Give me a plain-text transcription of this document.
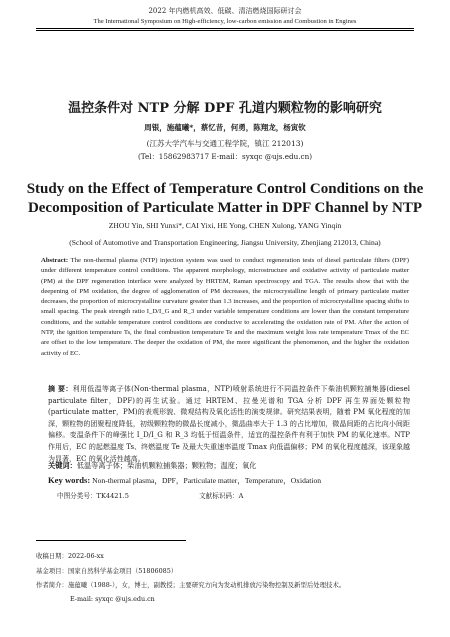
2022 年内燃机高效、低碳、清洁燃烧国际研讨会
The International Symposium on High-efficiency, low-carbon emission and Combustion in Engines
温控条件对 NTP 分解 DPF 孔道内颗粒物的影响研究
周银，施蕴曦*，蔡忆昔，何勇，陈翔龙，杨寅钦
(江苏大学汽车与交通工程学院，镇江 212013)
(Tel：15862983717 E-mail：syxqc @ujs.edu.cn)
Study on the Effect of Temperature Control Conditions on the Decomposition of Particulate Matter in DPF Channel by NTP
ZHOU Yin, SHI Yunxi*, CAI Yixi, HE Yong, CHEN Xulong, YANG Yinqin
(School of Automotive and Transportation Engineering, Jiangsu University, Zhenjiang 212013, China)
Abstract: The non-thermal plasma (NTP) injection system was used to conduct regeneration tests of diesel particulate filters (DPF) under different temperature control conditions. The apparent morphology, microstructure and oxidative activity of particulate matter (PM) at the DPF regeneration interface were analyzed by HRTEM, Raman spectroscopy and TGA. The results show that with the deepening of PM oxidation, the degree of agglomeration of PM decreases, the microcrystalline length of primary particulate matter decreases, the proportion of microcrystalline curvature greater than 1.3 increases, and the proportion of microcrystalline spacing shifts to small spacing. The peak strength ratio I_D/I_G and R_3 under variable temperature conditions are lower than the constant temperature conditions, and the suitable temperature control conditions are conducive to accelerating the oxidation rate of PM. After the action of NTP, the ignition temperature Ts, the final combustion temperature Te and the maximum weight loss rate temperature Tmax of the EC are offset to the low temperature. The deeper the oxidation of PM, the more significant the phenomenon, and the higher the oxidation activity of EC.
摘 要：利用低温等离子体(Non-thermal plasma，NTP)喷射系统进行不同温控条件下柴油机颗粒捕集器(diesel particulate filter，DPF)的再生试验。通过 HRTEM、拉曼光谱和 TGA 分析 DPF 再生界面处颗粒物(particulate matter，PM)的表观形貌、微观结构及氧化活性的演变规律。研究结果表明，随着 PM 氧化程度的加深，颗粒物的团聚程度降低，初级颗粒物的微晶长度减小，微晶曲率大于 1.3 的占比增加，微晶间距的占比向小间距偏移。变温条件下的峰强比 I_D/I_G 和 R_3 均低于恒温条件，适宜的温控条件有利于加快 PM 的氧化速率。NTP 作用后，EC 的起燃温度 Ts、终燃温度 Te 及最大失重速率温度 Tmax 向低温偏移；PM 的氧化程度越深，该现象越为显著，EC 的氧化活性越高。
关键词：低温等离子体；柴油机颗粒捕集器；颗粒物；温度；氧化
Key words: Non-thermal plasma，DPF，Particulate matter，Temperature，Oxidation
中图分类号：TK4421.5	文献标识码：A
收稿日期：2022-06-xx
基金项目：国家自然科学基金项目（51806085）
作者简介：施蕴曦（1988-），女，博士，副教授；主要研究方向为发动机排放污染物控制及新型后处理技术。
E-mail: syxqc @ujs.edu.cn
